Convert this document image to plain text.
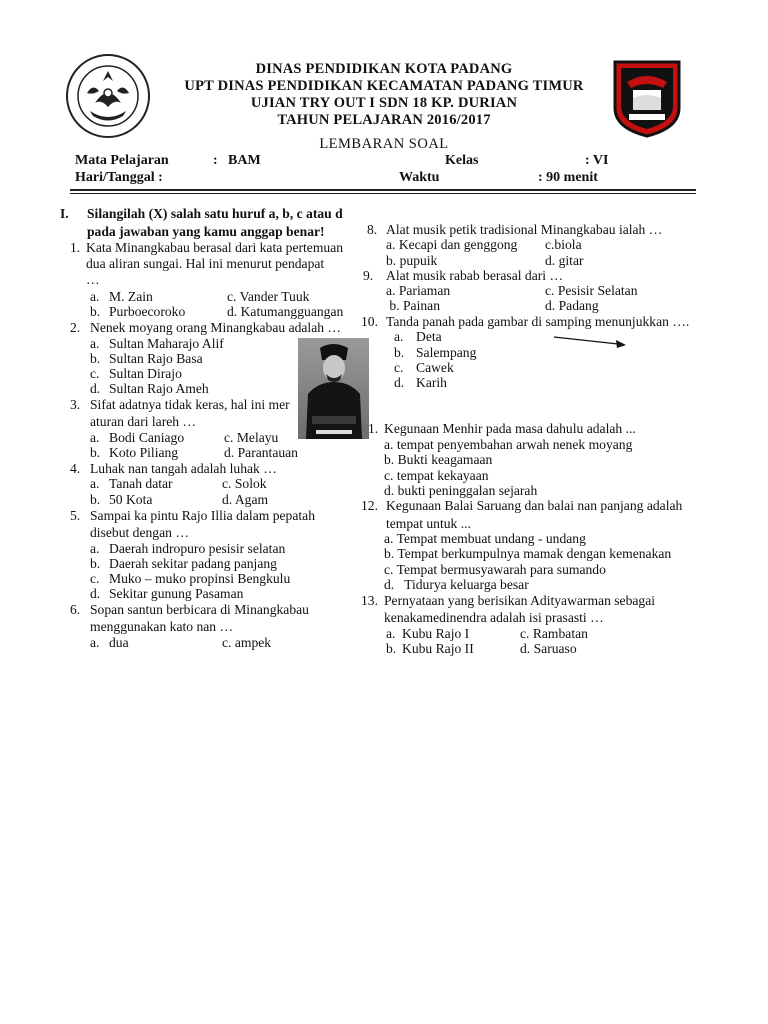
DINAS PENDIDIKAN KOTA PADANG
UPT DINAS PENDIDIKAN KECAMATAN PADANG TIMUR
UJIAN TRY OUT I SDN 18 KP. DURIAN
TAHUN PELAJARAN 2016/2017
LEMBARAN SOAL
Mata Pelajaran	: BAM	Kelas	: VI
Hari/Tanggal :	Waktu	: 90 menit
I. Silangilah (X) salah satu huruf a, b, c atau d
pada jawaban yang kamu anggap benar!
1. Kata Minangkabau berasal dari kata pertemuan
dua aliran sungai. Hal ini menurut pendapat
…
a. M. Zain	c. Vander Tuuk
b. Purboecoroko	d. Katumangguangan
2. Nenek moyang orang Minangkabau adalah …
a. Sultan Maharajo Alif
b. Sultan Rajo Basa
c. Sultan Dirajo
d. Sultan Rajo Ameh
3. Sifat adatnya tidak keras, hal ini mer
aturan dari lareh …
a. Bodi Caniago	c. Melayu
b. Koto Piliang	d. Parantauan
4. Luhak nan tangah adalah luhak …
a. Tanah datar	c. Solok
b. 50 Kota	d. Agam
5. Sampai ka pintu Rajo Illia dalam pepatah
disebut dengan …
a. Daerah indropuro pesisir selatan
b. Daerah sekitar padang panjang
c. Muko – muko propinsi Bengkulu
d. Sekitar gunung Pasaman
6. Sopan santun berbicara di Minangkabau
menggunakan kato nan …
a. dua	c. ampek
8. Alat musik petik tradisional Minangkabau ialah …
a. Kecapi dan genggong c.biola
b. pupuik	d. gitar
9. Alat musik rabab berasal dari …
a. Pariaman	c. Pesisir Selatan
b. Painan	d. Padang
10. Tanda panah pada gambar di samping menunjukkan ….
a. Deta
b. Salempang
c. Cawek
d. Karih
1. Kegunaan Menhir pada masa dahulu adalah ...
a. tempat penyembahan arwah nenek moyang
b. Bukti keagamaan
c. tempat kekayaan
d. bukti peninggalan sejarah
12. Kegunaan Balai Saruang dan balai nan panjang adalah
tempat untuk ...
a. Tempat membuat undang - undang
b. Tempat berkumpulnya mamak dengan kemenakan
c. Tempat bermusyawarah para sumando
d.   Tidurya keluarga besar
13. Pernyataan yang berisikan Adityawarman sebagai
kenakamedinendra adalah isi prasasti …
a. Kubu Rajo I	c. Rambatan
b. Kubu Rajo II	d. Saruaso
